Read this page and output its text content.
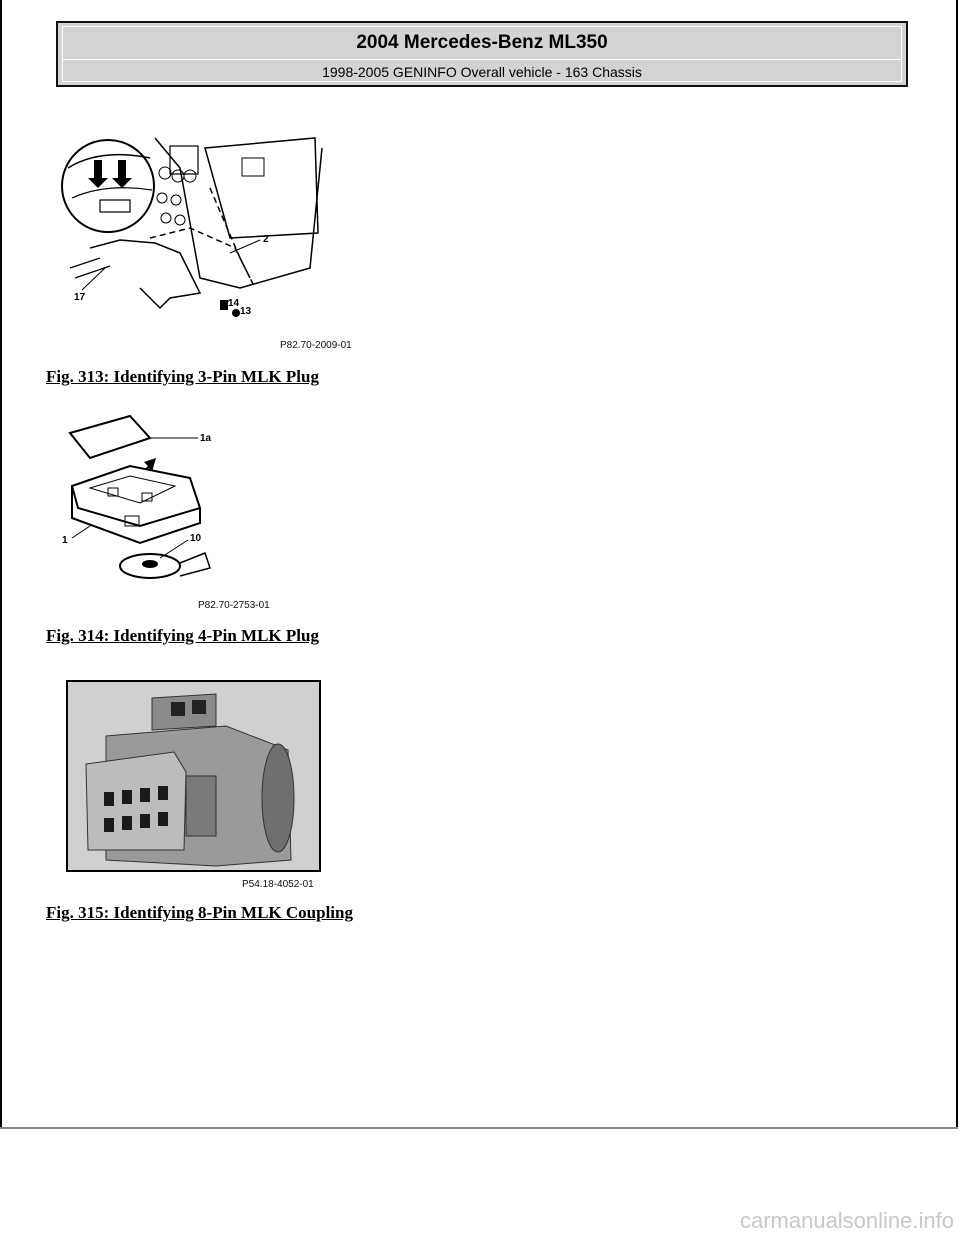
2004 Mercedes-Benz ML350
1998-2005 GENINFO Overall vehicle - 163 Chassis
2
17
14
13
P82.70-2009-01
Fig. 313: Identifying 3-Pin MLK Plug
1a
1	10
P82.70-2753-01
Fig. 314: Identifying 4-Pin MLK Plug
P54.18-4052-01
Fig. 315: Identifying 8-Pin MLK Coupling
carmanualsonline.info
